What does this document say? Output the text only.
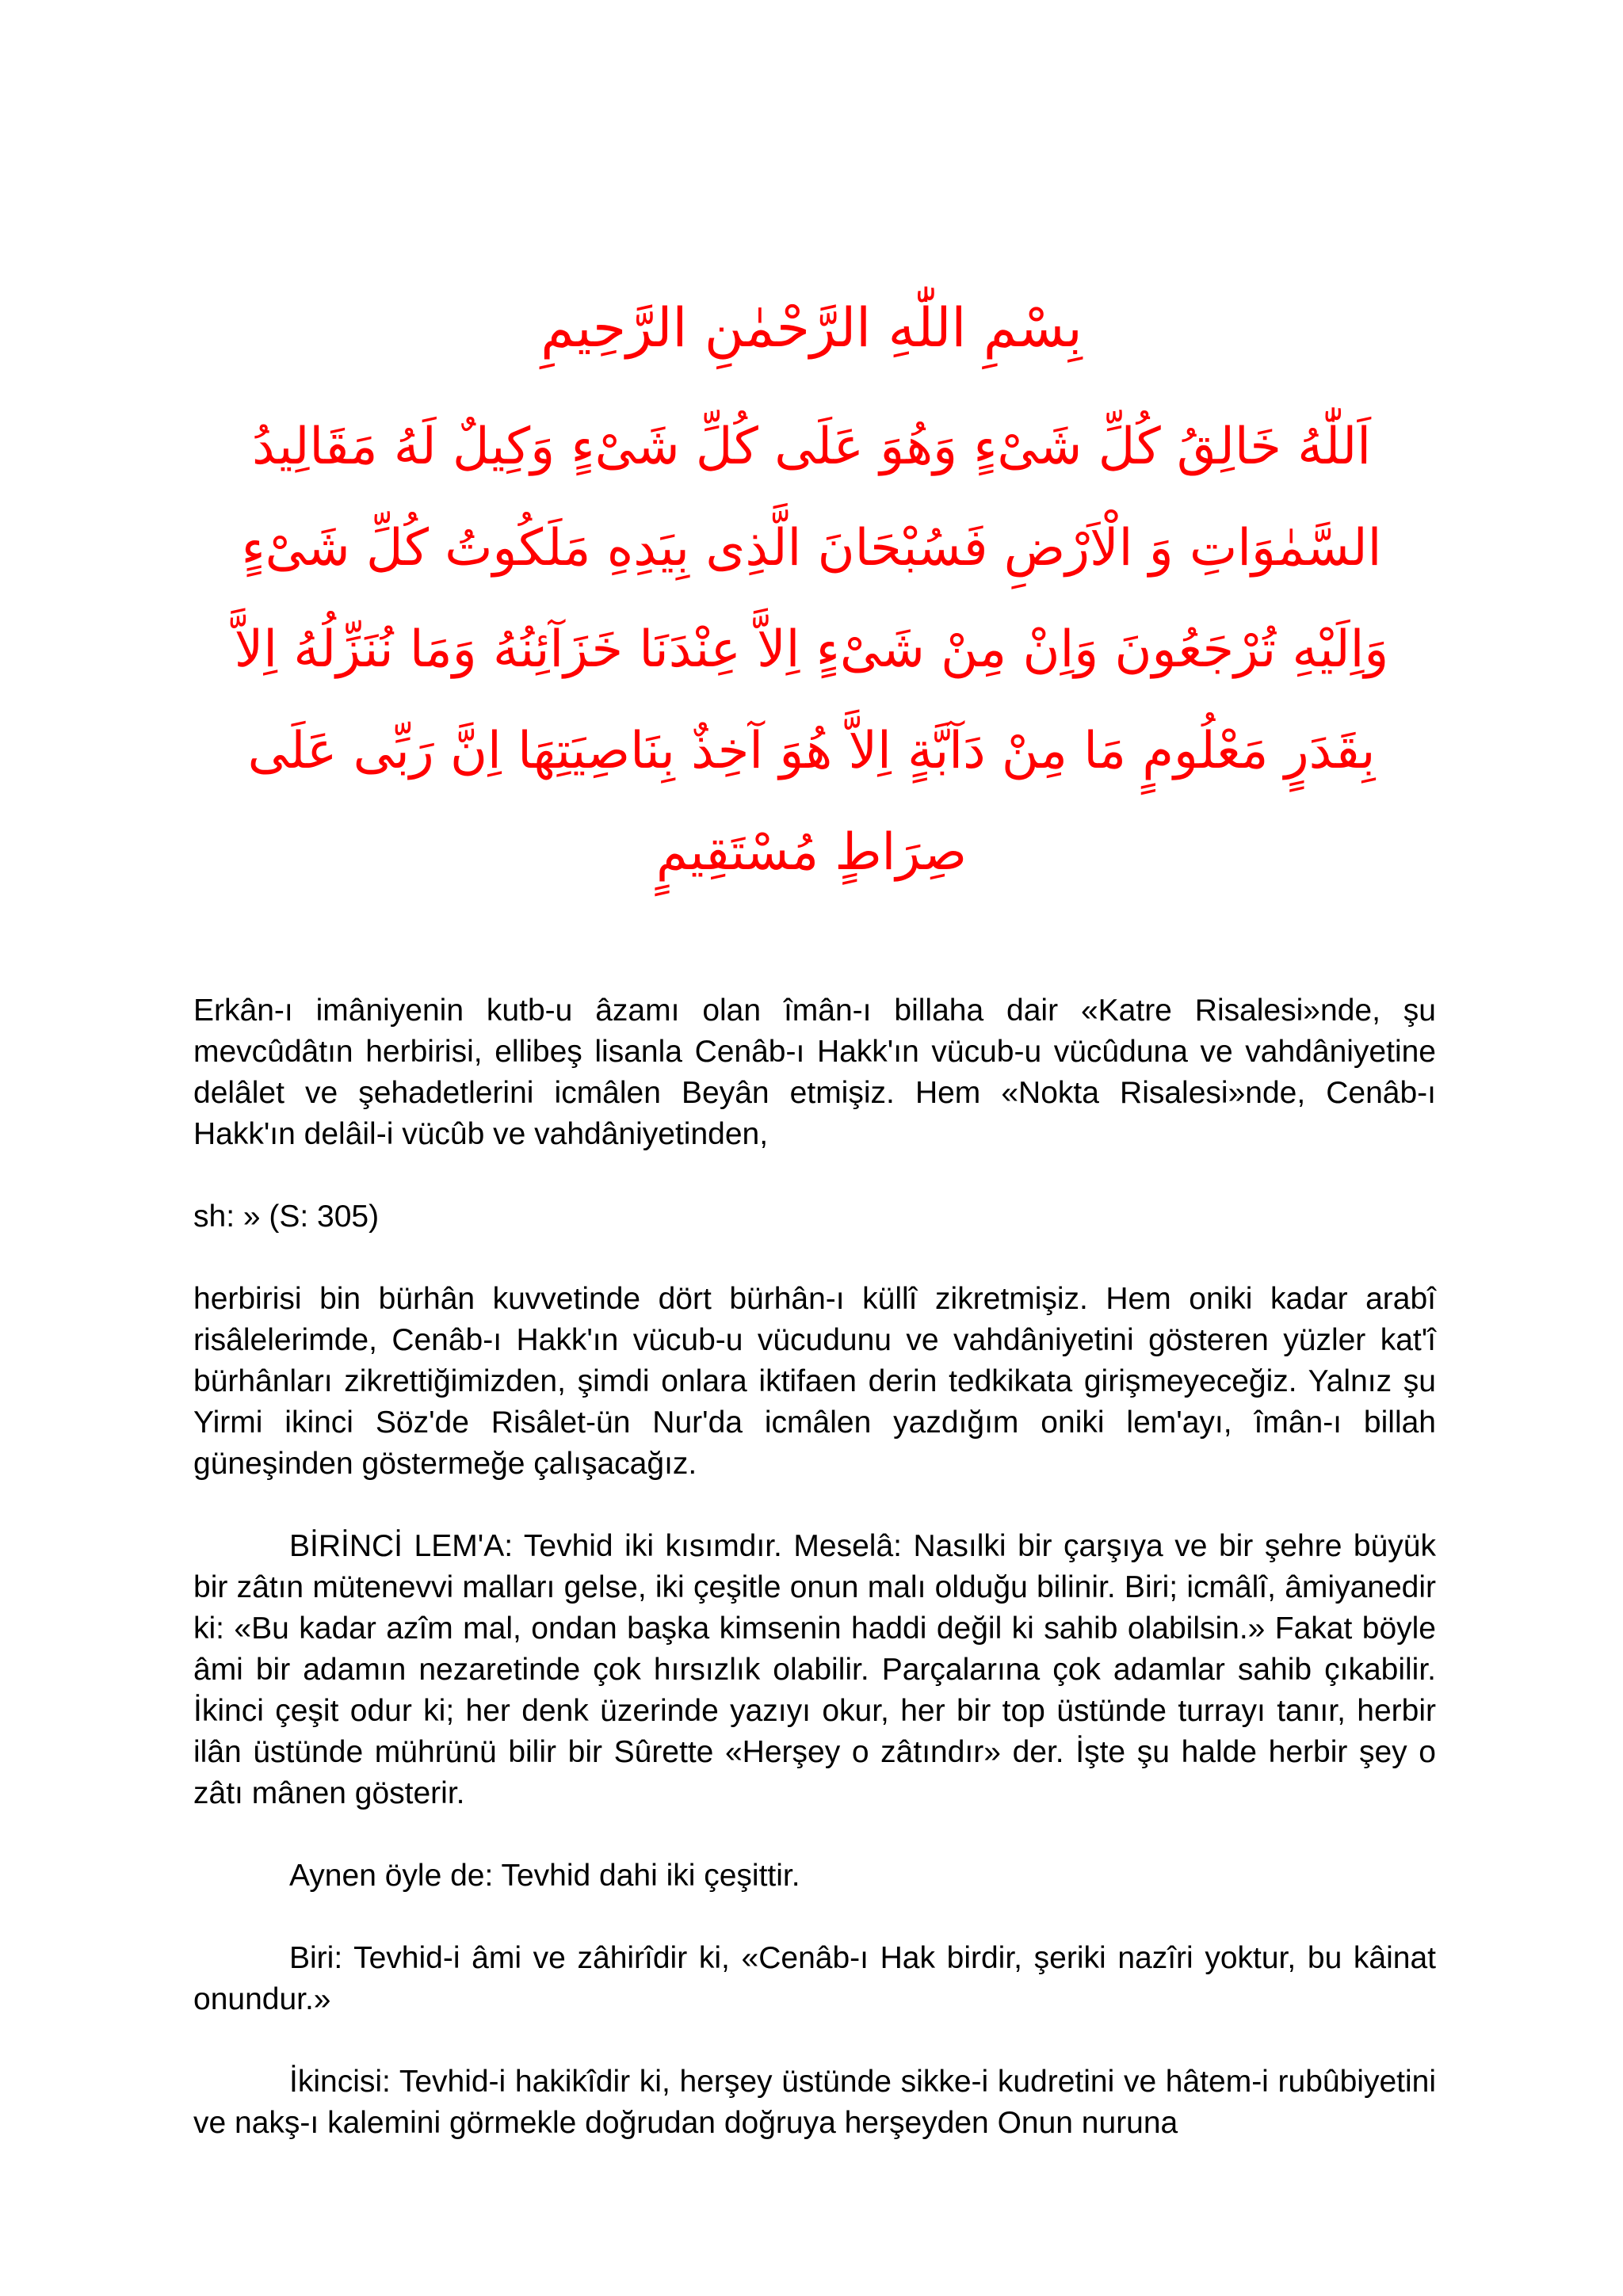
بِسْمِ اللّٰهِ الرَّحْمٰنِ الرَّحِيمِ
اَللّٰهُ خَالِقُ كُلِّ شَىْءٍ وَهُوَ عَلَى كُلِّ شَىْءٍ وَكِيلٌ لَهُ مَقَالِيدُ
السَّمٰوَاتِ وَ الْاَرْضِ فَسُبْحَانَ الَّذِى بِيَدِهِ مَلَكُوتُ كُلِّ شَىْءٍ
وَاِلَيْهِ تُرْجَعُونَ وَاِنْ مِنْ شَىْءٍ اِلاَّ عِنْدَنَا خَزَآئِنُهُ وَمَا نُنَزِّلُهُ اِلاَّ
بِقَدَرٍ مَعْلُومٍ مَا مِنْ دَآبَّةٍ اِلاَّ هُوَ آخِذٌ بِنَاصِيَتِهَا اِنَّ رَبِّى عَلَى
صِرَاطٍ مُسْتَقِيمٍ

Erkân-ı imâniyenin kutb-u âzamı olan îmân-ı billaha dair «Katre Risalesi»nde, şu mevcûdâtın herbirisi, ellibeş lisanla Cenâb-ı Hakk'ın vücub-u vücûduna ve vahdâniyetine delâlet ve şehadetlerini icmâlen Beyân etmişiz. Hem «Nokta Risalesi»nde, Cenâb-ı Hakk'ın delâil-i vücûb ve vahdâniyetinden,

sh: » (S: 305)

herbirisi bin bürhân kuvvetinde dört bürhân-ı küllî zikretmişiz. Hem oniki kadar arabî risâlelerimde, Cenâb-ı Hakk'ın vücub-u vücudunu ve vahdâniyetini gösteren yüzler kat'î bürhânları zikrettiğimizden, şimdi onlara iktifaen derin tedkikata girişmeyeceğiz. Yalnız şu Yirmi ikinci Söz'de Risâlet-ün Nur'da icmâlen yazdığım oniki lem'ayı, îmân-ı billah güneşinden göstermeğe çalışacağız.

BİRİNCİ LEM'A: Tevhid iki kısımdır. Meselâ: Nasılki bir çarşıya ve bir şehre büyük bir zâtın mütenevvi malları gelse, iki çeşitle onun malı olduğu bilinir. Biri; icmâlî, âmiyanedir ki: «Bu kadar azîm mal, ondan başka kimsenin haddi değil ki sahib olabilsin.» Fakat böyle âmi bir adamın nezaretinde çok hırsızlık olabilir. Parçalarına çok adamlar sahib çıkabilir. İkinci çeşit odur ki; her denk üzerinde yazıyı okur, her bir top üstünde turrayı tanır, herbir ilân üstünde mührünü bilir bir Sûrette «Herşey o zâtındır» der. İşte şu halde herbir şey o zâtı mânen gösterir.

Aynen öyle de: Tevhid dahi iki çeşittir.

Biri: Tevhid-i âmi ve zâhirîdir ki, «Cenâb-ı Hak birdir, şeriki nazîri yoktur, bu kâinat onundur.»

İkincisi: Tevhid-i hakikîdir ki, herşey üstünde sikke-i kudretini ve hâtem-i rubûbiyetini ve nakş-ı kalemini görmekle doğrudan doğruya herşeyden Onun nuruna
